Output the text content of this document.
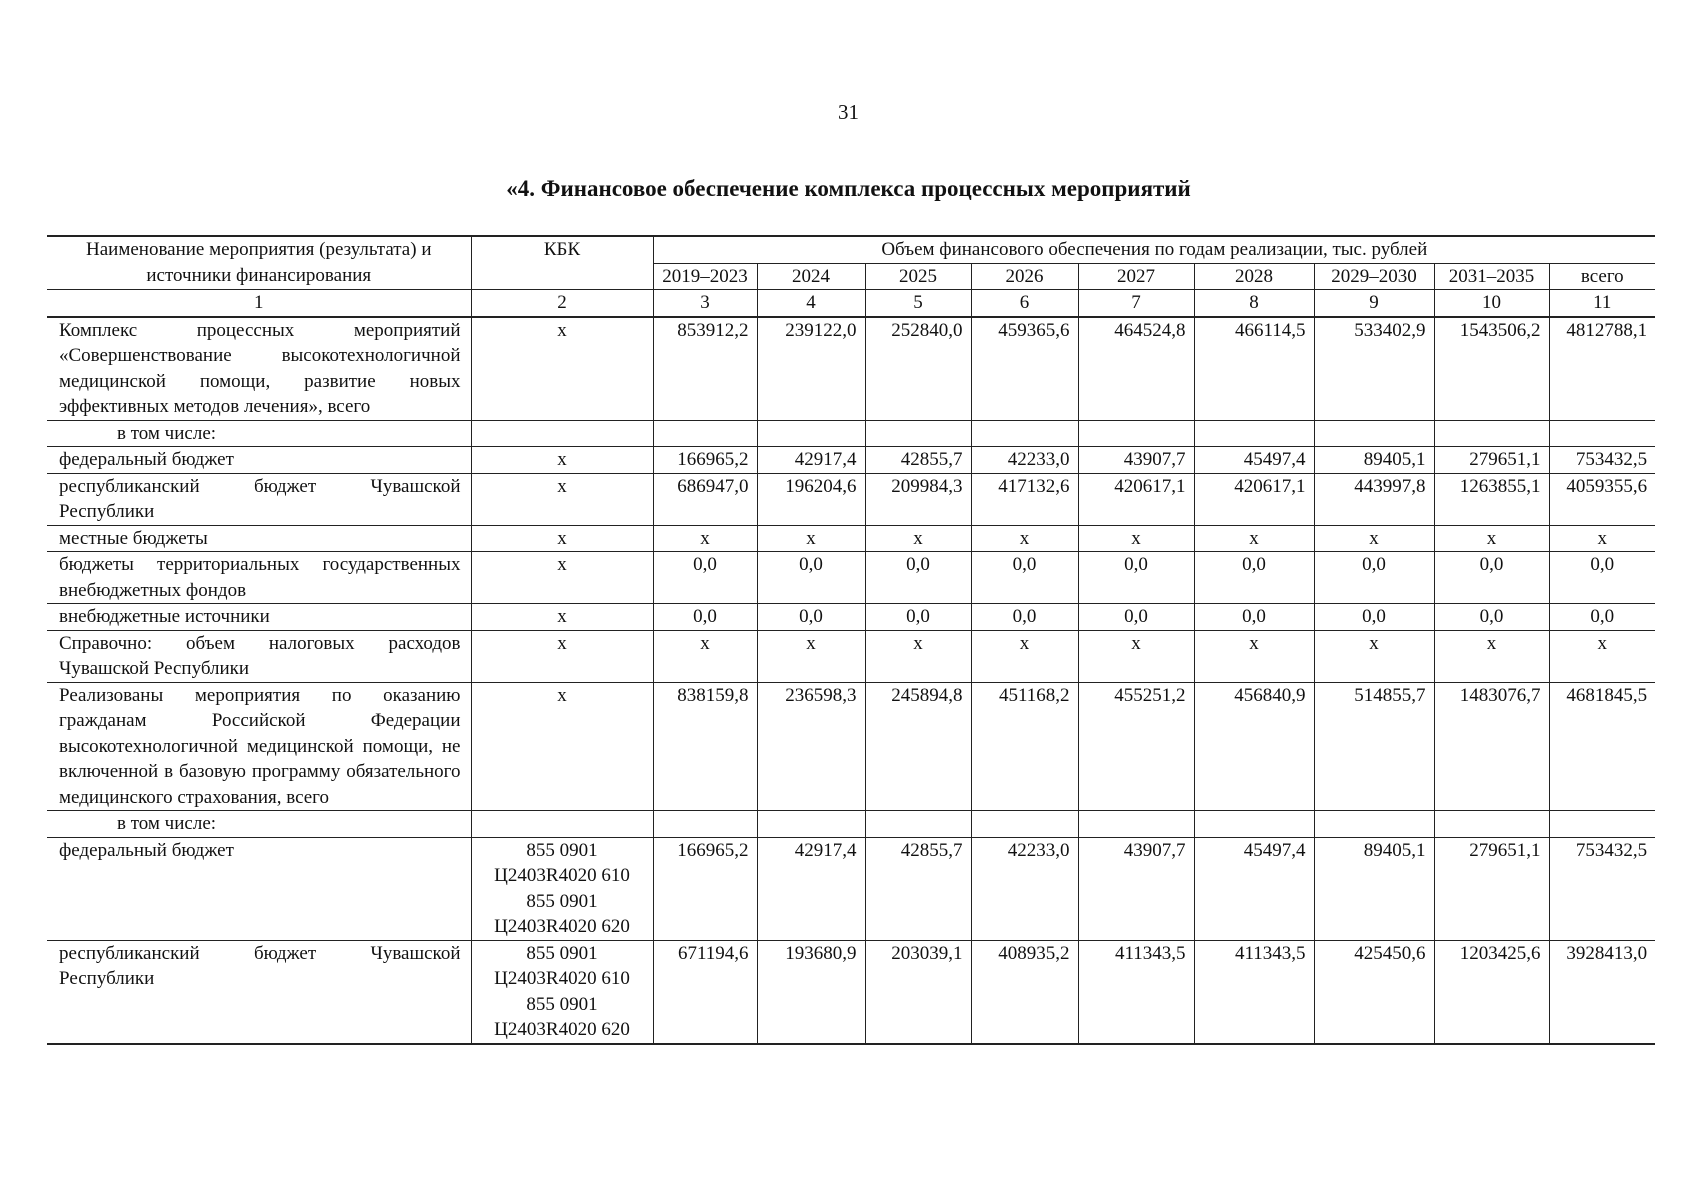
31
«4. Финансовое обеспечение комплекса процессных мероприятий
Наименование мероприятия (результата) и источники финансирования	КБК	Объем финансового обеспечения по годам реализации, тыс. рублей								
		2019–2023	2024	2025	2026	2027	2028	2029–2030	2031–2035	всего
1	2	3	4	5	6	7	8	9	10	11
Комплекс процессных мероприятий «Совершенствование высокотехнологичной медицинской помощи, развитие новых эффективных методов лечения», всего	х	853912,2	239122,0	252840,0	459365,6	464524,8	466114,5	533402,9	1543506,2	4812788,1
в том числе:										
федеральный бюджет	х	166965,2	42917,4	42855,7	42233,0	43907,7	45497,4	89405,1	279651,1	753432,5
республиканский бюджет Чувашской Республики	х	686947,0	196204,6	209984,3	417132,6	420617,1	420617,1	443997,8	1263855,1	4059355,6
местные бюджеты	х	х	х	х	х	х	х	х	х	х
бюджеты территориальных государственных внебюджетных фондов	х	0,0	0,0	0,0	0,0	0,0	0,0	0,0	0,0	0,0
внебюджетные источники	х	0,0	0,0	0,0	0,0	0,0	0,0	0,0	0,0	0,0
Справочно: объем налоговых расходов Чувашской Республики	х	х	х	х	х	х	х	х	х	х
Реализованы мероприятия по оказанию гражданам Российской Федерации высокотехнологичной медицинской помощи, не включенной в базовую программу обязательного медицинского страхования, всего	х	838159,8	236598,3	245894,8	451168,2	455251,2	456840,9	514855,7	1483076,7	4681845,5
в том числе:										
федеральный бюджет	855 0901
Ц2403R4020 610
855 0901
Ц2403R4020 620	166965,2	42917,4	42855,7	42233,0	43907,7	45497,4	89405,1	279651,1	753432,5
республиканский бюджет Чувашской Республики	855 0901
Ц2403R4020 610
855 0901
Ц2403R4020 620	671194,6	193680,9	203039,1	408935,2	411343,5	411343,5	425450,6	1203425,6	3928413,0
